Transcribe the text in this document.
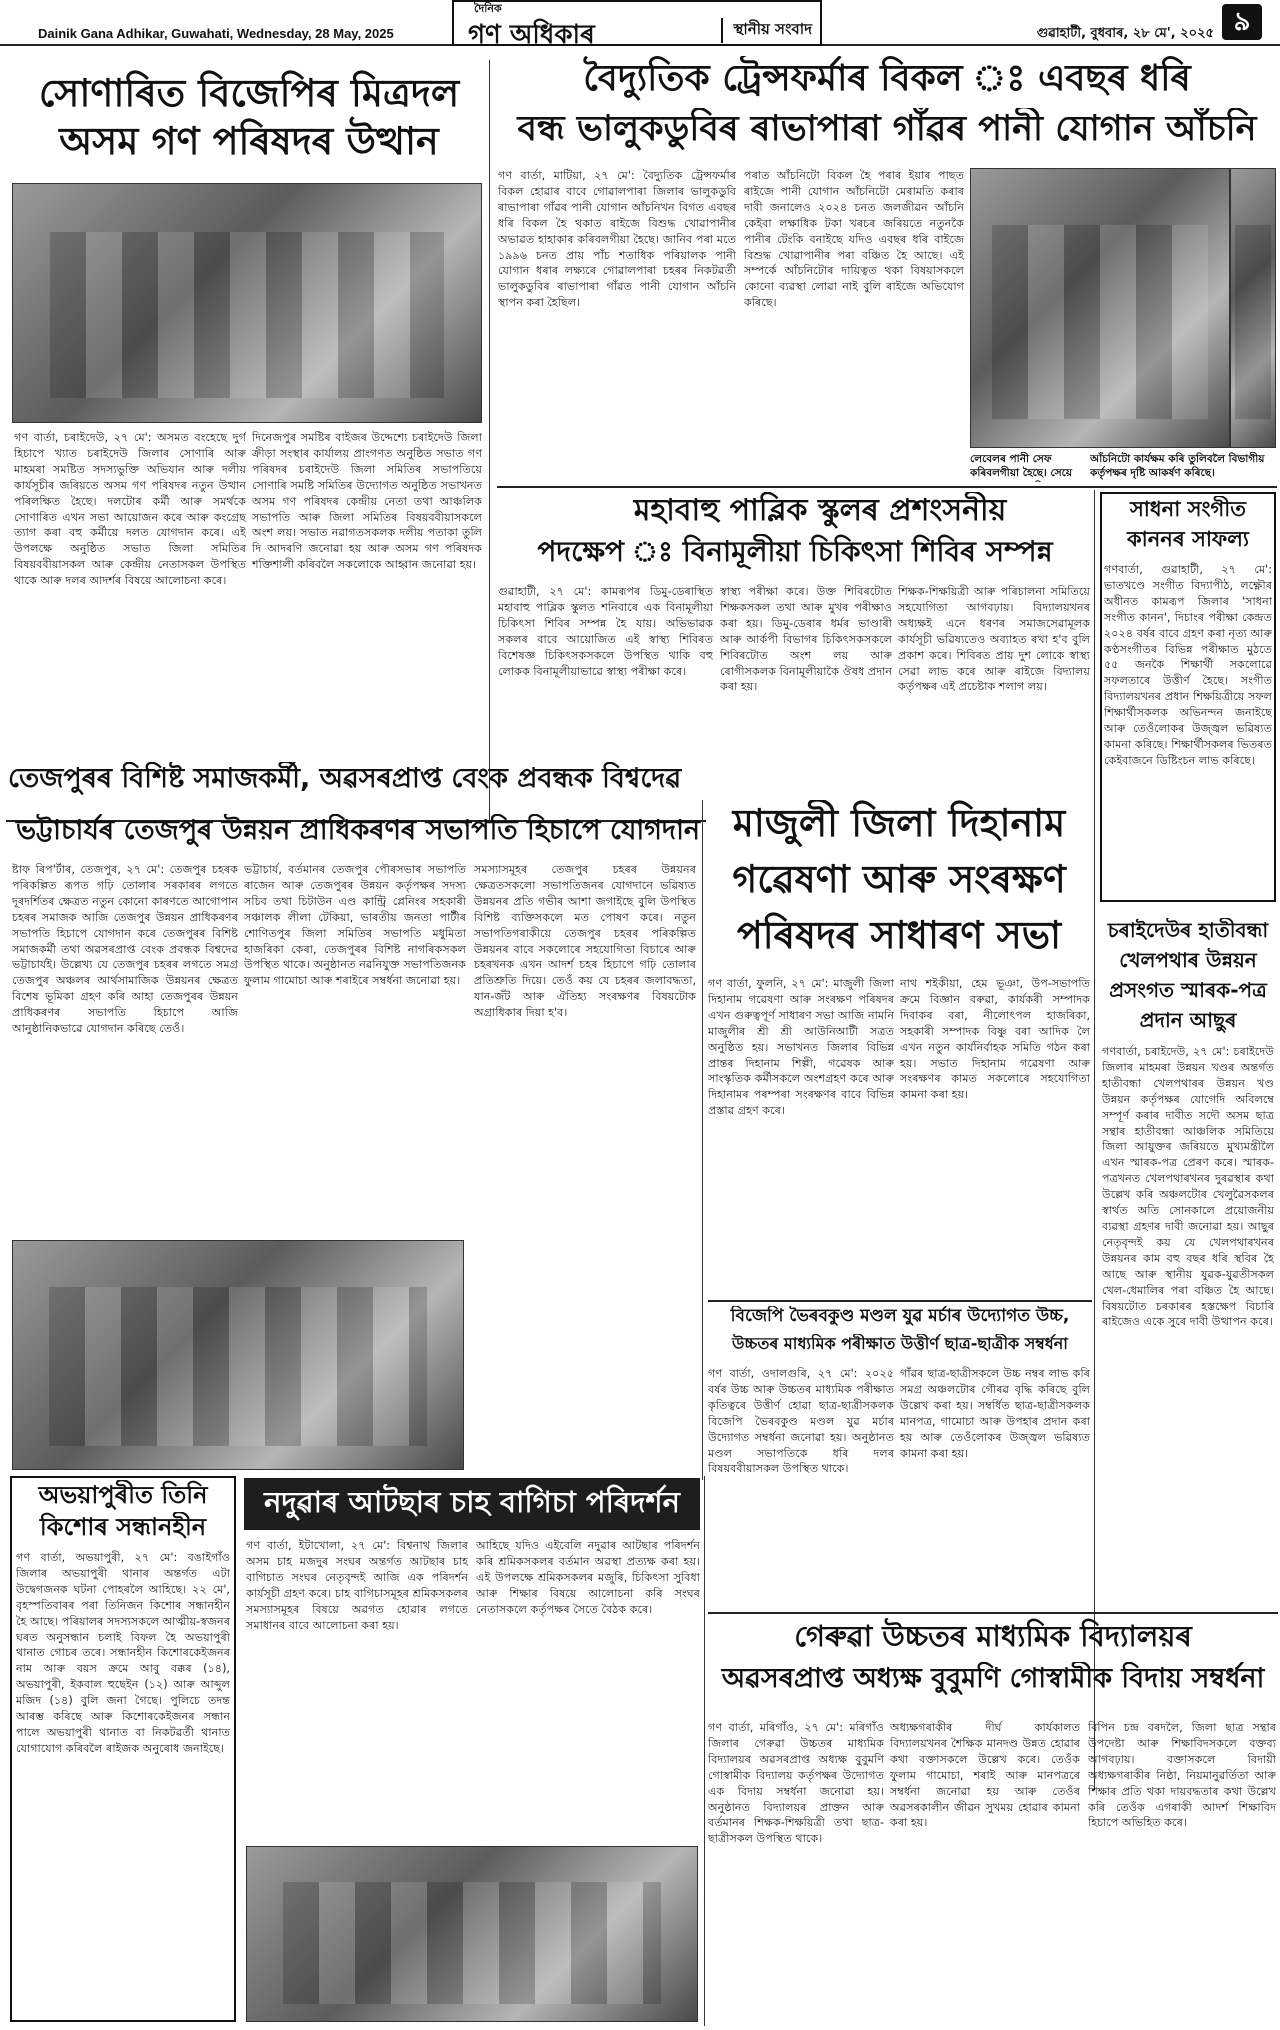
Dainik Gana Adhikar, Guwahati, Wednesday, 28 May, 2025
দৈনিক
গণ অধিকাৰ	স্থানীয় সংবাদ	গুৱাহাটী, বুধবাৰ, ২৮ মে', ২০২৫ ৯
সোণাৰিত বিজেপিৰ মিত্ৰদল অসম গণ পৰিষদৰ উত্থান
গণ বাৰ্তা, চৰাইদেউ, ২৭ মে': অসমত বংহেছে দুৰ্গ হিচাপে খ্যাত চৰাইদেউ জিলাৰ সোণাৰি আৰু মাহমৰা সমষ্টিত সদস্যভুক্তি অভিযান আৰু দলীয় কাৰ্যসূচীৰ জৰিয়তে অসম গণ পৰিষদৰ নতুন উত্থান পৰিলক্ষিত হৈছে। দলটোৰ কৰ্মী আৰু সমৰ্থকে সোণাৰিত এখন সভা আয়োজন কৰে আৰু কংগ্ৰেছ ত্যাগ কৰা বহু কৰ্মীয়ে দলত যোগদান কৰে। এই উপলক্ষে অনুষ্ঠিত সভাত জিলা সমিতিৰ বিষয়ববীয়াসকল আৰু কেন্দ্ৰীয় নেতাসকল উপস্থিত থাকে আৰু দলৰ আদৰ্শৰ বিষয়ে আলোচনা কৰে।
দিনেজপুৰ সমষ্টিৰ বাইজৰ উদ্দেশ্যে চৰাইদেউ জিলা ক্ৰীড়া সংস্থাৰ কাৰ্যালয় প্ৰাংগণত অনুষ্ঠিত সভাত গণ পৰিষদৰ চৰাইদেউ জিলা সমিতিৰ সভাপতিয়ে সোণাৰি সমষ্টি সমিতিৰ উদ্যোগত অনুষ্ঠিত সভাখনত অসম গণ পৰিষদৰ কেন্দ্ৰীয় নেতা তথা আঞ্চলিক সভাপতি আৰু জিলা সমিতিৰ বিষয়ববীয়াসকলে অংশ লয়। সভাত নৱাগতসকলক দলীয় পতাকা তুলি দি আদৰণি জনোৱা হয় আৰু অসম গণ পৰিষদক শক্তিশালী কৰিবলৈ সকলোকে আহ্বান জনোৱা হয়।
বৈদ্যুতিক ট্ৰেন্সফৰ্মাৰ বিকল ঃ এবছৰ ধৰি
বন্ধ ভালুকডুবিৰ ৰাভাপাৰা গাঁৱৰ পানী যোগান আঁচনি
গণ বাৰ্তা, মাটিয়া, ২৭ মে': বৈদ্যুতিক ট্ৰেন্সফৰ্মাৰ বিকল হোৱাৰ বাবে গোৱালপাৰা জিলাৰ ভালুকডুবি ৰাভাপাৰা গাঁৱৰ পানী যোগান আঁচনিখন বিগত এবছৰ ধৰি বিকল হৈ থকাত ৰাইজে বিশুদ্ধ খোৱাপানীৰ অভাৱত হাহাকাৰ কৰিবলগীয়া হৈছে। জানিব পৰা মতে ১৯৯৬ চনত প্ৰায় পাঁচ শতাধিক পৰিয়ালক পানী যোগান ধৰাৰ লক্ষ্যৰে গোৱালপাৰা চহৰৰ নিকটৱৰ্তী ভালুকডুবিৰ ৰাভাপাৰা গাঁৱত পানী যোগান আঁচনি স্থাপন কৰা হৈছিল।
পৰাত আঁচনিটো বিকল হৈ পৰাৰ ইয়াৰ পাছত ৰাইজে পানী যোগান আঁচনিটো মেৰামতি কৰাৰ দাবী জনালেও ২০২৪ চনত জলজীৱন আঁচনি কেইবা লক্ষাধিক টকা খৰচৰ জৰিয়তে নতুনকৈ পানীৰ টেংকি বনাইছে যদিও এবছৰ ধৰি বাইজে বিশুদ্ধ খোৱাপানীৰ পৰা বঞ্চিত হৈ আছে। এই সম্পৰ্কে আঁচনিটোৰ দায়িত্বত থকা বিষয়াসকলে কোনো ব্যৱস্থা লোৱা নাই বুলি ৰাইজে অভিযোগ কৰিছে।
লেবেলৰ পানী সেফ কৰিবলগীয়া হৈছে। সেয়ে
আঁচনিটো কাৰ্যক্ষম কৰি তুলিবলৈ বিভাগীয় কৰ্তৃপক্ষৰ দৃষ্টি আকৰ্ষণ কৰিছে।
মহাবাহু পাব্লিক স্কুলৰ প্ৰশংসনীয়
পদক্ষেপ ঃ বিনামূলীয়া চিকিৎসা শিবিৰ সম্পন্ন
গুৱাহাটী, ২৭ মে': কামৰূপৰ ডিমু-ডেৰাস্থিত মহাবাহু পাব্লিক স্কুলত শনিবাৰে এক বিনামূলীয়া চিকিৎসা শিবিৰ সম্পন্ন হৈ যায়। অভিভাৱক সকলৰ বাবে আয়োজিত এই স্বাস্থ্য শিবিৰত বিশেষজ্ঞ চিকিৎসকসকলে উপস্থিত থাকি বহু লোকক বিনামূলীয়াভাৱে স্বাস্থ্য পৰীক্ষা কৰে।
স্বাস্থ্য পৰীক্ষা কৰে। উক্ত শিবিৰটোত শিক্ষকসকল তথা আৰু মুখৰ পৰীক্ষাও কৰা হয়। ডিমু-ডেৰাৰ ধৰ্মৰ ভাণ্ডাৰী আৰু আৰ্কপী বিভাগৰ চিকিৎসকসকলে শিবিৰটোত অংশ লয় আৰু ৰোগীসকলক বিনামূলীয়াকৈ ঔষধ প্ৰদান কৰা হয়।
শিক্ষক-শিক্ষয়িত্ৰী আৰু পৰিচালনা সমিতিয়ে সহযোগিতা আগবঢ়ায়। বিদ্যালয়খনৰ অধ্যক্ষই এনে ধৰণৰ সমাজসেৱামূলক কাৰ্যসূচী ভৱিষ্যতেও অব্যাহত ৰখা হ'ব বুলি প্ৰকাশ কৰে। শিবিৰত প্ৰায় দুশ লোকে স্বাস্থ্য সেৱা লাভ কৰে আৰু ৰাইজে বিদ্যালয় কৰ্তৃপক্ষৰ এই প্ৰচেষ্টাক শলাগ লয়।
সাধনা সংগীত
কাননৰ সাফল্য
গণবাৰ্তা, গুৱাহাটী, ২৭ মে': ভাতখণ্ডে সংগীত বিদ্যাপীঠ, লক্ষ্ণৌৰ অধীনত কামৰূপ জিলাৰ 'সাধনা সংগীত কানন', দিচাংৰ পৰীক্ষা কেন্দ্ৰত ২০২৪ বৰ্ষৰ বাবে গ্ৰহণ কৰা নৃত্য আৰু কণ্ঠসংগীতৰ বিভিন্ন পৰীক্ষাত মুঠতে ৫৫ জনকৈ শিক্ষাৰ্থী সকলোৱে সফলতাৰে উত্তীৰ্ণ হৈছে। সংগীত বিদ্যালয়খনৰ প্ৰধান শিক্ষয়িত্ৰীয়ে সফল শিক্ষাৰ্থীসকলক অভিনন্দন জনাইছে আৰু তেওঁলোকৰ উজ্জ্বল ভৱিষ্যত কামনা কৰিছে। শিক্ষাৰ্থীসকলৰ ভিতৰত কেইবাজনে ডিষ্টিংচন লাভ কৰিছে।
তেজপুৰৰ বিশিষ্ট সমাজকৰ্মী, অৱসৰপ্ৰাপ্ত বেংক প্ৰবন্ধক বিশ্বদেৱ
ভট্টাচাৰ্যৰ তেজপুৰ উন্নয়ন প্ৰাধিকৰণৰ সভাপতি হিচাপে যোগদান
ষ্টাফ ৰিপ'ৰ্টাৰ, তেজপুৰ, ২৭ মে': তেজপুৰ চহৰক পৰিকল্পিত ৰূপত গঢ়ি তোলাৰ সৰকাৰৰ লগতে দূৰদৰ্শিতৰ ক্ষেত্ৰত নতুন কোনো কাৰণতে আগোপান চহৰৰ সমাজক আজি তেজপুৰ উন্নয়ন প্ৰাধিকৰণৰ সভাপতি হিচাপে যোগদান কৰে তেজপুৰৰ বিশিষ্ট সমাজকৰ্মী তথা অৱসৰপ্ৰাপ্ত বেংক প্ৰবন্ধক বিশ্বদেৱ ভট্টাচাৰ্যই। উল্লেখ্য যে তেজপুৰ চহৰৰ লগতে সমগ্ৰ তেজপুৰ অঞ্চলৰ আৰ্থসামাজিক উন্নয়নৰ ক্ষেত্ৰত বিশেষ ভূমিকা গ্ৰহণ কৰি আহা তেজপুৰৰ উন্নয়ন প্ৰাধিকৰণৰ সভাপতি হিচাপে আজি আনুষ্ঠানিকভাৱে যোগদান কৰিছে তেওঁ।
ভট্টাচাৰ্য, বৰ্তমানৰ তেজপুৰ পৌৰসভাৰ সভাপতি ৰাজেন আৰু তেজপুৰৰ উন্নয়ন কৰ্তৃপক্ষৰ সদস্য সচিব তথা চিটাউন এণ্ড কান্ট্ৰি প্লেনিংৰ সহকাৰী সঞ্চালক লীলা টেকিয়া, ভাৰতীয় জনতা পাৰ্টীৰ শোণিতপুৰ জিলা সমিতিৰ সভাপতি মধুমিতা হাজৰিকা কেৰা, তেজপুৰৰ বিশিষ্ট নাগৰিকসকল উপস্থিত থাকে। অনুষ্ঠানত নৱনিযুক্ত সভাপতিজনক ফুলাম গামোচা আৰু শৰাইৰে সম্বৰ্ধনা জনোৱা হয়।
সমস্যাসমূহৰ তেজপুৰ চহৰৰ উন্নয়নৰ ক্ষেত্ৰতসকলো সভাপতিজনৰ যোগদানে ভৱিষ্যত উন্নয়নৰ প্ৰতি গভীৰ আশা জগাইছে বুলি উপস্থিত বিশিষ্ট ব্যক্তিসকলে মত পোষণ কৰে। নতুন সভাপতিগৰাকীয়ে তেজপুৰ চহৰৰ পৰিকল্পিত উন্নয়নৰ বাবে সকলোৰে সহযোগিতা বিচাৰে আৰু চহৰখনক এখন আদৰ্শ চহৰ হিচাপে গঢ়ি তোলাৰ প্ৰতিশ্ৰুতি দিয়ে। তেওঁ কয় যে চহৰৰ জলাবদ্ধতা, যান-জঁট আৰু ঐতিহ্য সংৰক্ষণৰ বিষয়টোক অগ্ৰাধিকাৰ দিয়া হ'ব।
মাজুলী জিলা দিহানাম
গৱেষণা আৰু সংৰক্ষণ
পৰিষদৰ সাধাৰণ সভা
গণ বাৰ্তা, ফুলনি, ২৭ মে': মাজুলী জিলা দিহানাম গৱেষণা আৰু সংৰক্ষণ পৰিষদৰ এখন গুৰুত্বপূৰ্ণ সাধাৰণ সভা আজি নামনি মাজুলীৰ শ্ৰী শ্ৰী আউনিআটী সত্ৰত অনুষ্ঠিত হয়। সভাখনত জিলাৰ বিভিন্ন প্ৰান্তৰ দিহানাম শিল্পী, গৱেষক আৰু সাংস্কৃতিক কৰ্মীসকলে অংশগ্ৰহণ কৰে আৰু দিহানামৰ পৰম্পৰা সংৰক্ষণৰ বাবে বিভিন্ন প্ৰস্তাৱ গ্ৰহণ কৰে।
নাথ শইকীয়া, হেম ভূঞা, উপ-সভাপতি ক্ৰমে বিজ্ঞান বৰুৱা, কাৰ্যকৰী সম্পাদক দিবাকৰ বৰা, নীলোৎপল হাজৰিকা, সহকাৰী সম্পাদক বিষ্ণু বৰা আদিক লৈ এখন নতুন কাৰ্যনিৰ্বাহক সমিতি গঠন কৰা হয়। সভাত দিহানাম গৱেষণা আৰু সংৰক্ষণৰ কামত সকলোৰে সহযোগিতা কামনা কৰা হয়।
বিজেপি ভৈৰবকুণ্ড মণ্ডল যুৱ মৰ্চাৰ উদ্যোগত উচ্চ,
উচ্চতৰ মাধ্যমিক পৰীক্ষাত উত্তীৰ্ণ ছাত্ৰ-ছাত্ৰীক সম্বৰ্ধনা
গণ বাৰ্তা, ওদালগুৰি, ২৭ মে': ২০২৫ বৰ্ষৰ উচ্চ আৰু উচ্চতৰ মাধ্যমিক পৰীক্ষাত কৃতিত্বৰে উত্তীৰ্ণ হোৱা ছাত্ৰ-ছাত্ৰীসকলক বিজেপি ভৈৰবকুণ্ড মণ্ডল যুৱ মৰ্চাৰ উদ্যোগত সম্বৰ্ধনা জনোৱা হয়। অনুষ্ঠানত মণ্ডল সভাপতিকে ধৰি দলৰ বিষয়ববীয়াসকল উপস্থিত থাকে।
গাঁৱৰ ছাত্ৰ-ছাত্ৰীসকলে উচ্চ নম্বৰ লাভ কৰি সমগ্ৰ অঞ্চলটোৰ গৌৰৱ বৃদ্ধি কৰিছে বুলি উল্লেখ কৰা হয়। সম্বৰ্ধিত ছাত্ৰ-ছাত্ৰীসকলক মানপত্ৰ, গামোচা আৰু উপহাৰ প্ৰদান কৰা হয় আৰু তেওঁলোকৰ উজ্জ্বল ভৱিষ্যত কামনা কৰা হয়।
চৰাইদেউৰ হাতীবন্ধা
খেলপথাৰ উন্নয়ন
প্ৰসংগত স্মাৰক-পত্ৰ
প্ৰদান আছুৰ
গণবাৰ্তা, চৰাইদেউ, ২৭ মে': চৰাইদেউ জিলাৰ মাহমৰা উন্নয়ন খণ্ডৰ অন্তৰ্গত হাতীবন্ধা খেলপথাৰৰ উন্নয়ন খণ্ড উন্নয়ন কৰ্তৃপক্ষৰ যোগেদি অবিলম্বে সম্পূৰ্ণ কৰাৰ দাবীত সদৌ অসম ছাত্ৰ সন্থাৰ হাতীবন্ধা আঞ্চলিক সমিতিয়ে জিলা আয়ুক্তৰ জৰিয়তে মুখ্যমন্ত্ৰীলৈ এখন স্মাৰক-পত্ৰ প্ৰেৰণ কৰে। স্মাৰক-পত্ৰখনত খেলপথাৰখনৰ দুৰৱস্থাৰ কথা উল্লেখ কৰি অঞ্চলটোৰ খেলুৱৈসকলৰ স্বাৰ্থত অতি সোনকালে প্ৰয়োজনীয় ব্যৱস্থা গ্ৰহণৰ দাবী জনোৱা হয়। আছুৰ নেতৃবৃন্দই কয় যে খেলপথাৰখনৰ উন্নয়নৰ কাম বহু বছৰ ধৰি স্থবিৰ হৈ আছে আৰু স্থানীয় যুৱক-যুৱতীসকল খেল-ধেমালিৰ পৰা বঞ্চিত হৈ আছে। বিষয়টোত চৰকাৰৰ হস্তক্ষেপ বিচাৰি ৰাইজেও একে সুৰে দাবী উত্থাপন কৰে।
অভয়াপুৰীত তিনি
কিশোৰ সন্ধানহীন
গণ বাৰ্তা, অভয়াপুৰী, ২৭ মে': বঙাইগাঁও জিলাৰ অভয়াপুৰী থানাৰ অন্তৰ্গত এটা উদ্বেগজনক ঘটনা পোহৰলৈ আহিছে। ২২ মে', বৃহস্পতিবাৰৰ পৰা তিনিজন কিশোৰ সন্ধানহীন হৈ আছে। পৰিয়ালৰ সদস্যসকলে আত্মীয়-স্বজনৰ ঘৰত অনুসন্ধান চলাই বিফল হৈ অভয়াপুৰী থানাত গোচৰ তৰে। সন্ধানহীন কিশোৰকেইজনৰ নাম আৰু বয়স ক্ৰমে আবু বক্কৰ (১৪), অভয়াপুৰী, ইকবাল হুছেইন (১২) আৰু আব্দুল মজিদ (১৪) বুলি জনা গৈছে। পুলিচে তদন্ত আৰম্ভ কৰিছে আৰু কিশোৰকেইজনৰ সন্ধান পালে অভয়াপুৰী থানাত বা নিকটৱৰ্তী থানাত যোগাযোগ কৰিবলৈ ৰাইজক অনুৰোধ জনাইছে।
নদুৱাৰ আটছাৰ চাহ বাগিচা পৰিদৰ্শন
গণ বাৰ্তা, ইটাখোলা, ২৭ মে': বিশ্বনাথ জিলাৰ অসম চাহ মজদুৰ সংঘৰ অন্তৰ্গত আটছাৰ চাহ বাগিচাত সংঘৰ নেতৃবৃন্দই আজি এক পৰিদৰ্শন কাৰ্যসূচী গ্ৰহণ কৰে। চাহ বাগিচাসমূহৰ শ্ৰমিকসকলৰ সমস্যাসমূহৰ বিষয়ে অৱগত হোৱাৰ লগতে সমাধানৰ বাবে আলোচনা কৰা হয়।
আহিছে যদিও এইবেলি নদুৱাৰ আটছাৰ পৰিদৰ্শন কৰি শ্ৰমিকসকলৰ বৰ্তমান অৱস্থা প্ৰত্যক্ষ কৰা হয়। এই উপলক্ষে শ্ৰমিকসকলৰ মজুৰি, চিকিৎসা সুবিধা আৰু শিক্ষাৰ বিষয়ে আলোচনা কৰি সংঘৰ নেতাসকলে কৰ্তৃপক্ষৰ সৈতে বৈঠক কৰে।
গেৰুৱা উচ্চতৰ মাধ্যমিক বিদ্যালয়ৰ
অৱসৰপ্ৰাপ্ত অধ্যক্ষ বুবুমণি গোস্বামীক বিদায় সম্বৰ্ধনা
গণ বাৰ্তা, মৰিগাঁও, ২৭ মে': মৰিগাঁও জিলাৰ গেৰুৱা উচ্চতৰ মাধ্যমিক বিদ্যালয়ৰ অৱসৰপ্ৰাপ্ত অধ্যক্ষ বুবুমণি গোস্বামীক বিদ্যালয় কৰ্তৃপক্ষৰ উদ্যোগত এক বিদায় সম্বৰ্ধনা জনোৱা হয়। অনুষ্ঠানত বিদ্যালয়ৰ প্ৰাক্তন আৰু বৰ্তমানৰ শিক্ষক-শিক্ষয়িত্ৰী তথা ছাত্ৰ-ছাত্ৰীসকল উপস্থিত থাকে।
অধ্যক্ষগৰাকীৰ দীৰ্ঘ কাৰ্যকালত বিদ্যালয়খনৰ শৈক্ষিক মানদণ্ড উন্নত হোৱাৰ কথা বক্তাসকলে উল্লেখ কৰে। তেওঁক ফুলাম গামোচা, শৰাই আৰু মানপত্ৰৰে সম্বৰ্ধনা জনোৱা হয় আৰু তেওঁৰ অৱসৰকালীন জীৱন সুখময় হোৱাৰ কামনা কৰা হয়।
বিপিন চন্দ্ৰ বৰদলৈ, জিলা ছাত্ৰ সন্থাৰ উপদেষ্টা আৰু শিক্ষাবিদসকলে বক্তব্য আগবঢ়ায়। বক্তাসকলে বিদায়ী অধ্যক্ষগৰাকীৰ নিষ্ঠা, নিয়মানুৱৰ্তিতা আৰু শিক্ষাৰ প্ৰতি থকা দায়বদ্ধতাৰ কথা উল্লেখ কৰি তেওঁক এগৰাকী আদৰ্শ শিক্ষাবিদ হিচাপে অভিহিত কৰে।
